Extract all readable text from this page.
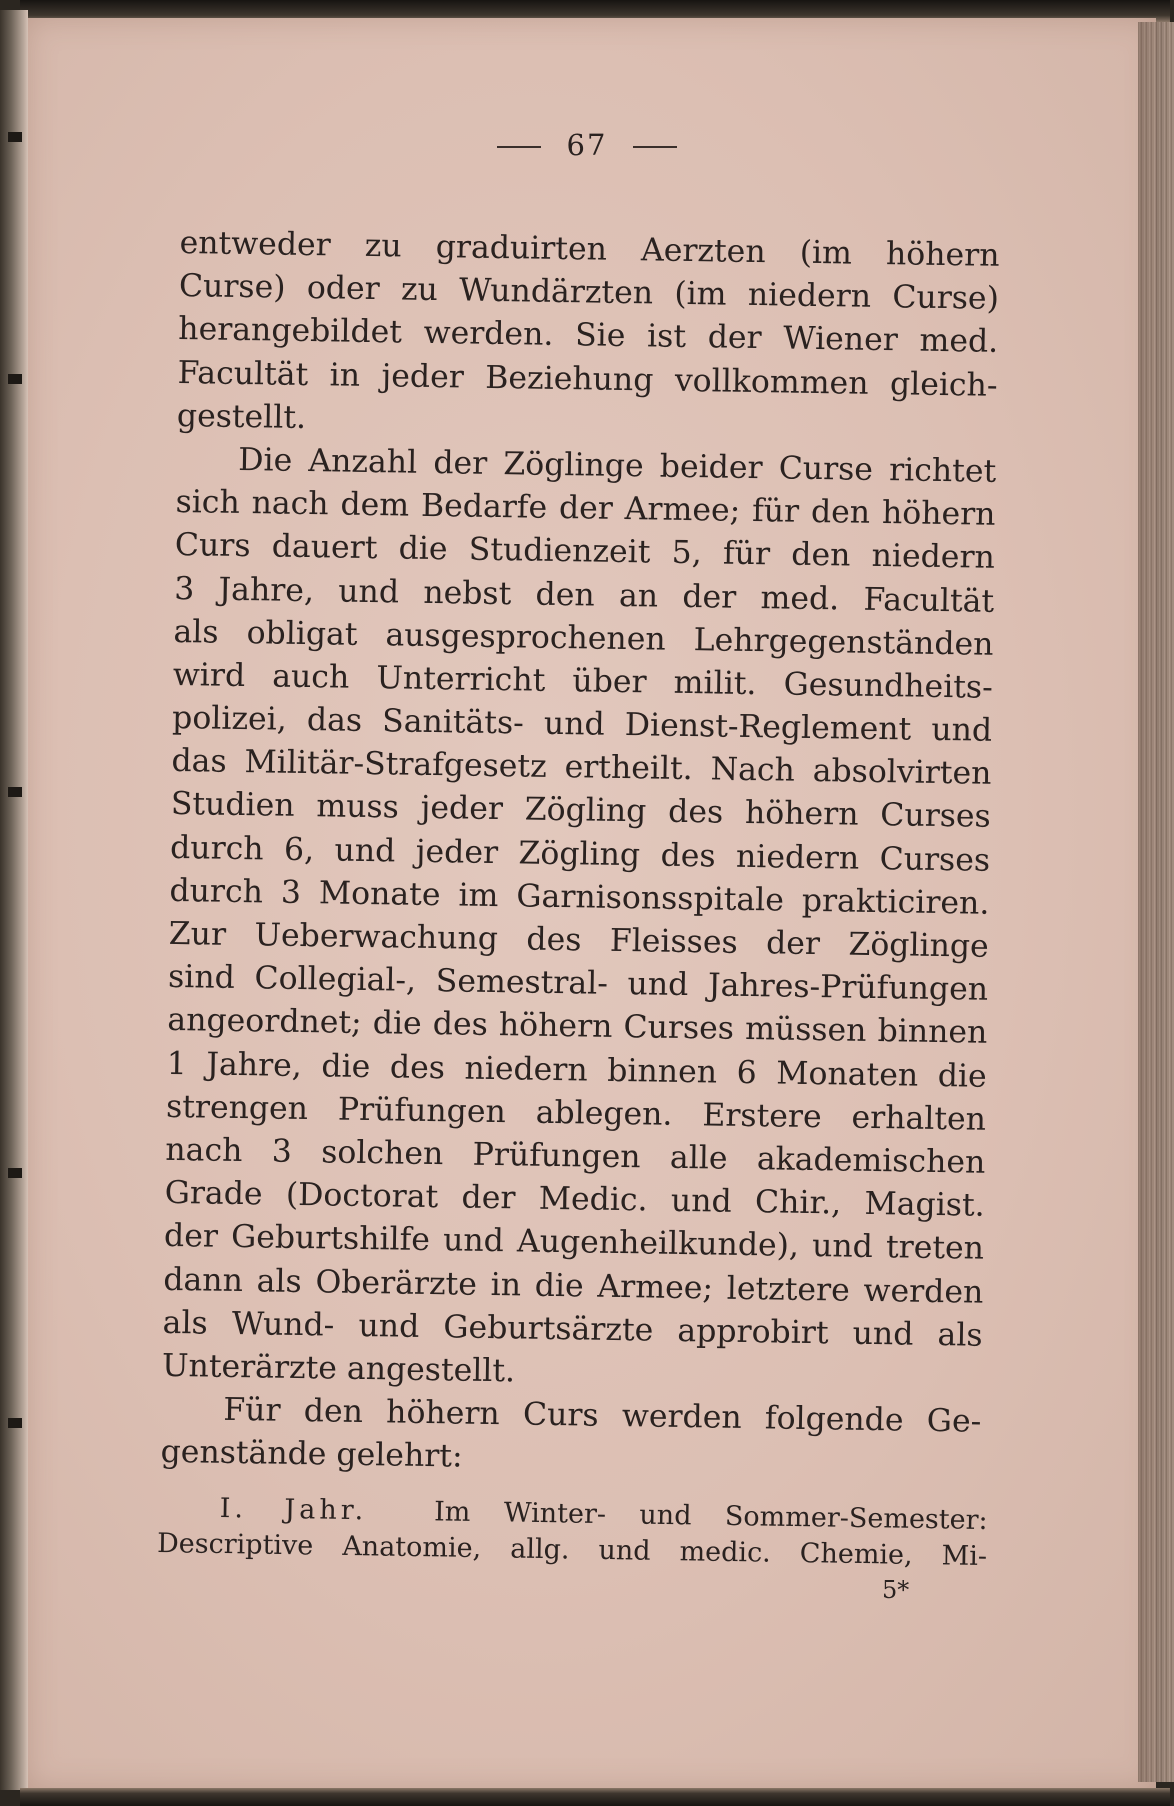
67
entweder zu graduirten Aerzten (im höhern
Curse) oder zu Wundärzten (im niedern Curse)
herangebildet werden. Sie ist der Wiener med.
Facultät in jeder Beziehung vollkommen gleich-
gestellt.
Die Anzahl der Zöglinge beider Curse richtet
sich nach dem Bedarfe der Armee; für den höhern
Curs dauert die Studienzeit 5, für den niedern
3 Jahre, und nebst den an der med. Facultät
als obligat ausgesprochenen Lehrgegenständen
wird auch Unterricht über milit. Gesundheits-
polizei, das Sanitäts- und Dienst-Reglement und
das Militär-Strafgesetz ertheilt. Nach absolvirten
Studien muss jeder Zögling des höhern Curses
durch 6, und jeder Zögling des niedern Curses
durch 3 Monate im Garnisonsspitale prakticiren.
Zur Ueberwachung des Fleisses der Zöglinge
sind Collegial-, Semestral- und Jahres-Prüfungen
angeordnet; die des höhern Curses müssen binnen
1 Jahre, die des niedern binnen 6 Monaten die
strengen Prüfungen ablegen. Erstere erhalten
nach 3 solchen Prüfungen alle akademischen
Grade (Doctorat der Medic. und Chir., Magist.
der Geburtshilfe und Augenheilkunde), und treten
dann als Oberärzte in die Armee; letztere werden
als Wund- und Geburtsärzte approbirt und als
Unterärzte angestellt.
Für den höhern Curs werden folgende Ge-
genstände gelehrt:
I. Jahr. Im Winter- und Sommer-Semester:
Descriptive Anatomie, allg. und medic. Chemie, Mi-
5*
